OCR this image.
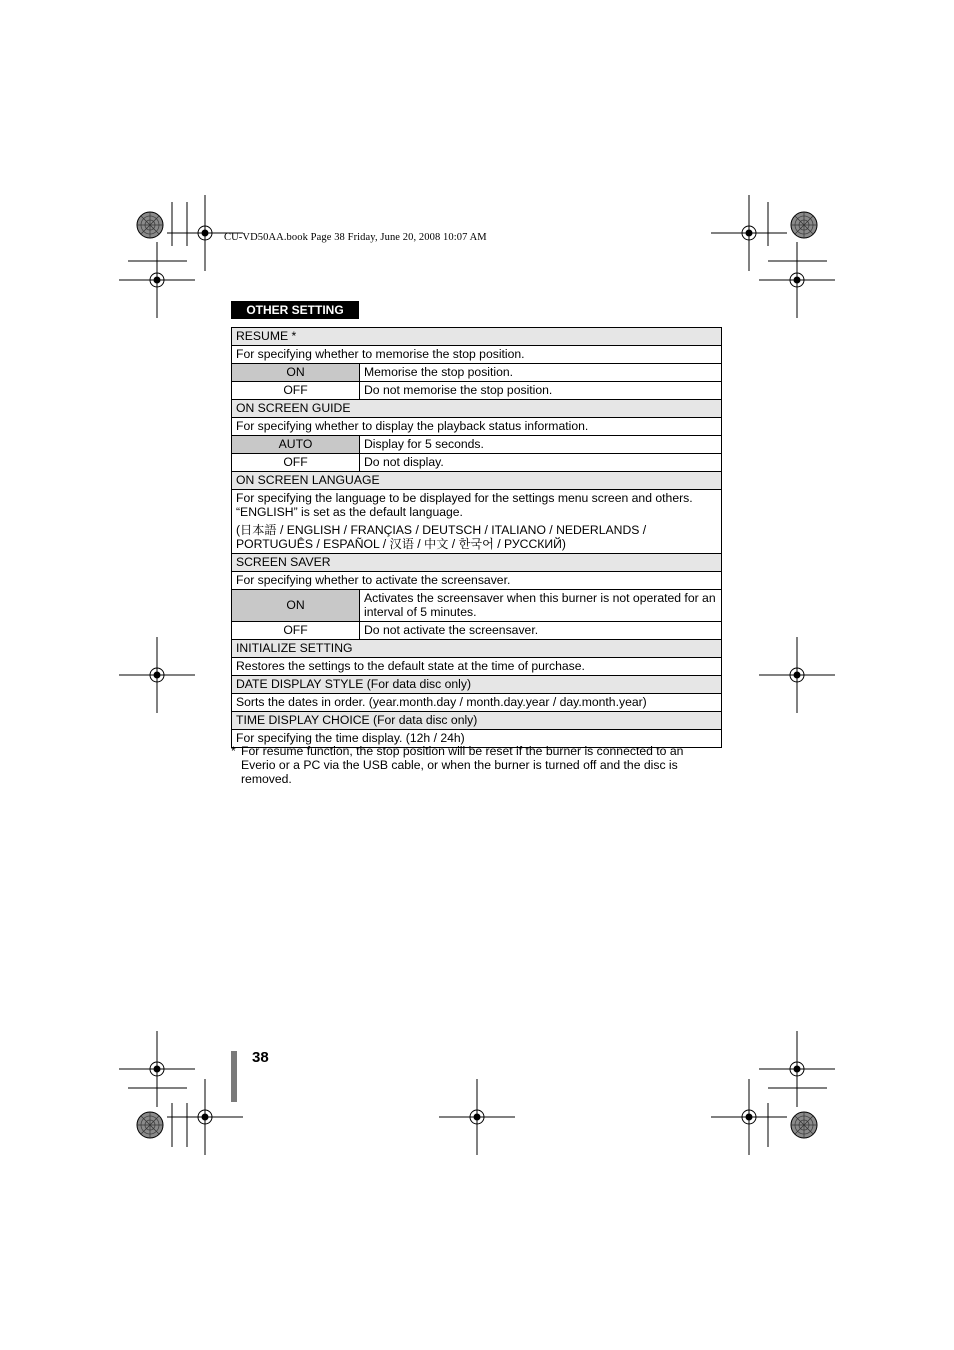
CU-VD50AA.book Page 38 Friday, June 20, 2008 10:07 AM
OTHER SETTING
RESUME *	
For specifying whether to memorise the stop position.	
ON	Memorise the stop position.
OFF	Do not memorise the stop position.
ON SCREEN GUIDE	
For specifying whether to display the playback status information.	
AUTO	Display for 5 seconds.
OFF	Do not display.
ON SCREEN LANGUAGE	
For specifying the language to be displayed for the settings menu screen and others. “ENGLISH” is set as the default language.
(日本語 / ENGLISH / FRANÇIAS / DEUTSCH / ITALIANO / NEDERLANDS / PORTUGUÊS / ESPAÑOL / 汉语 / 中文 / 한국어 / РУССКИЙ)	

SCREEN SAVER	
For specifying whether to activate the screensaver.	
ON	Activates the screensaver when this burner is not operated for an interval of 5 minutes.
OFF	Do not activate the screensaver.
INITIALIZE SETTING	
Restores the settings to the default state at the time of purchase.	
DATE DISPLAY STYLE (For data disc only)	
Sorts the dates in order. (year.month.day / month.day.year / day.month.year)	
TIME DISPLAY CHOICE (For data disc only)	
For specifying the time display. (12h / 24h)	
* For resume function, the stop position will be reset if the burner is connected to an Everio or a PC via the USB cable, or when the burner is turned off and the disc is removed.
38
